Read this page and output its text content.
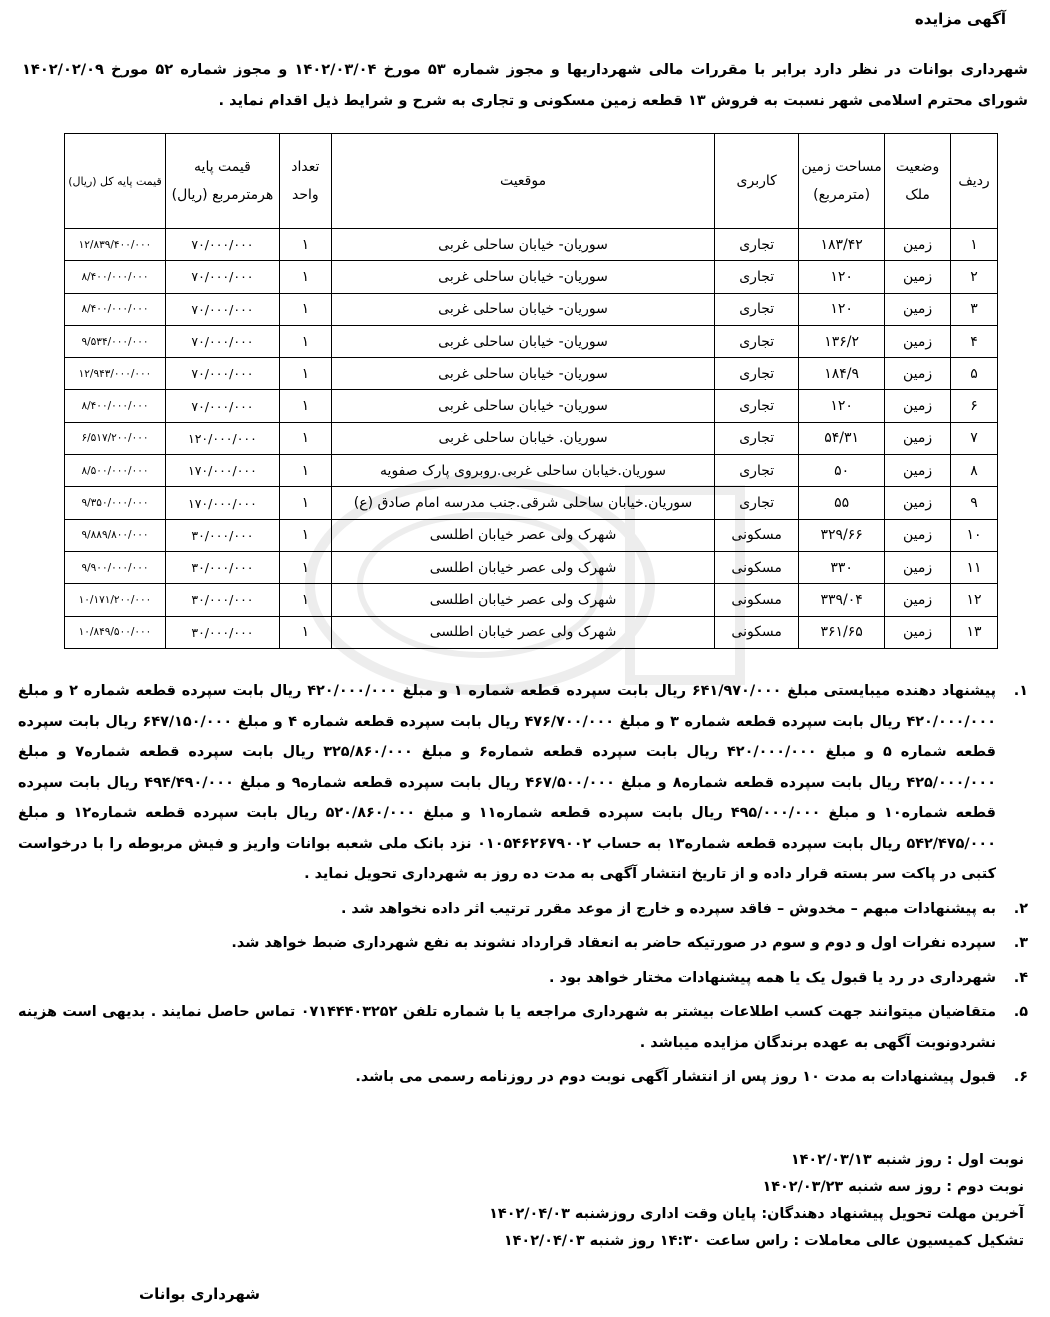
آگهی مزایده
شهرداری بوانات در نظر دارد برابر با مقررات مالی شهرداریها و مجوز شماره ۵۳ مورخ ۱۴۰۲/۰۳/۰۴ و مجوز شماره ۵۲ مورخ ۱۴۰۲/۰۲/۰۹ شورای محترم اسلامی شهر نسبت به فروش ۱۳ قطعه زمین مسکونی و تجاری به شرح و شرایط ذیل اقدام نماید .
ردیف	وضعیت ملک	مساحت زمین (مترمربع)	کاربری	موقعیت	تعداد واحد	قیمت پایه هرمترمربع (ریال)	قیمت پایه کل (ریال)
۱	زمین	۱۸۳/۴۲	تجاری	سوریان- خیابان ساحلی غربی	۱	۷۰/۰۰۰/۰۰۰	۱۲/۸۳۹/۴۰۰/۰۰۰
۲	زمین	۱۲۰	تجاری	سوریان- خیابان ساحلی غربی	۱	۷۰/۰۰۰/۰۰۰	۸/۴۰۰/۰۰۰/۰۰۰
۳	زمین	۱۲۰	تجاری	سوریان- خیابان ساحلی غربی	۱	۷۰/۰۰۰/۰۰۰	۸/۴۰۰/۰۰۰/۰۰۰
۴	زمین	۱۳۶/۲	تجاری	سوریان- خیابان ساحلی غربی	۱	۷۰/۰۰۰/۰۰۰	۹/۵۳۴/۰۰۰/۰۰۰
۵	زمین	۱۸۴/۹	تجاری	سوریان- خیابان ساحلی غربی	۱	۷۰/۰۰۰/۰۰۰	۱۲/۹۴۳/۰۰۰/۰۰۰
۶	زمین	۱۲۰	تجاری	سوریان- خیابان ساحلی غربی	۱	۷۰/۰۰۰/۰۰۰	۸/۴۰۰/۰۰۰/۰۰۰
۷	زمین	۵۴/۳۱	تجاری	سوریان. خیابان ساحلی غربی	۱	۱۲۰/۰۰۰/۰۰۰	۶/۵۱۷/۲۰۰/۰۰۰
۸	زمین	۵۰	تجاری	سوریان.خیابان ساحلی غربی.روبروی پارک صفویه	۱	۱۷۰/۰۰۰/۰۰۰	۸/۵۰۰/۰۰۰/۰۰۰
۹	زمین	۵۵	تجاری	سوریان.خیابان ساحلی شرقی.جنب مدرسه امام صادق (ع)	۱	۱۷۰/۰۰۰/۰۰۰	۹/۳۵۰/۰۰۰/۰۰۰
۱۰	زمین	۳۲۹/۶۶	مسکونی	شهرک ولی عصر خیابان اطلسی	۱	۳۰/۰۰۰/۰۰۰	۹/۸۸۹/۸۰۰/۰۰۰
۱۱	زمین	۳۳۰	مسکونی	شهرک ولی عصر خیابان اطلسی	۱	۳۰/۰۰۰/۰۰۰	۹/۹۰۰/۰۰۰/۰۰۰
۱۲	زمین	۳۳۹/۰۴	مسکونی	شهرک ولی عصر خیابان اطلسی	۱	۳۰/۰۰۰/۰۰۰	۱۰/۱۷۱/۲۰۰/۰۰۰
۱۳	زمین	۳۶۱/۶۵	مسکونی	شهرک ولی عصر خیابان اطلسی	۱	۳۰/۰۰۰/۰۰۰	۱۰/۸۴۹/۵۰۰/۰۰۰
۱.
پیشنهاد دهنده میبایستی مبلغ ۶۴۱/۹۷۰/۰۰۰ ریال بابت سپرده قطعه شماره ۱ و مبلغ ۴۲۰/۰۰۰/۰۰۰ ریال بابت سپرده قطعه شماره ۲ و مبلغ ۴۲۰/۰۰۰/۰۰۰ ریال بابت سپرده قطعه شماره ۳ و مبلغ ۴۷۶/۷۰۰/۰۰۰ ریال بابت سپرده قطعه شماره ۴ و مبلغ ۶۴۷/۱۵۰/۰۰۰ ریال بابت سپرده قطعه شماره ۵ و مبلغ ۴۲۰/۰۰۰/۰۰۰ ریال بابت سپرده قطعه شماره۶ و مبلغ ۳۲۵/۸۶۰/۰۰۰ ریال بابت سپرده قطعه شماره۷ و مبلغ ۴۲۵/۰۰۰/۰۰۰ ریال بابت سپرده قطعه شماره۸ و مبلغ ۴۶۷/۵۰۰/۰۰۰ ریال بابت سپرده قطعه شماره۹ و مبلغ ۴۹۴/۴۹۰/۰۰۰ ریال بابت سپرده قطعه شماره۱۰ و مبلغ ۴۹۵/۰۰۰/۰۰۰ ریال بابت سپرده قطعه شماره۱۱ و مبلغ ۵۲۰/۸۶۰/۰۰۰ ریال بابت سپرده قطعه شماره۱۲ و مبلغ ۵۴۲/۴۷۵/۰۰۰ ریال بابت سپرده قطعه شماره۱۳ به حساب ۰۱۰۵۴۶۲۶۷۹۰۰۲ نزد بانک ملی شعبه بوانات واریز و فیش مربوطه را با درخواست کتبی در پاکت سر بسته قرار داده و از تاریخ انتشار آگهی به مدت ده روز به شهرداری تحویل نماید .
۲.
به پیشنهادات مبهم – مخدوش – فاقد سپرده و خارج از موعد مقرر ترتیب اثر داده نخواهد شد .
۳.
سپرده نفرات اول و دوم و سوم در صورتیکه حاضر به انعقاد قرارداد نشوند به نفع شهرداری ضبط خواهد شد.
۴.
شهرداری در رد یا قبول یک یا همه پیشنهادات مختار خواهد بود .
۵.
متقاضیان میتوانند جهت کسب اطلاعات بیشتر به شهرداری مراجعه یا با شماره تلفن ۰۷۱۴۴۴۰۳۲۵۲ تماس حاصل نمایند . بدیهی است هزینه نشردونوبت آگهی به عهده برندگان مزایده میباشد .
۶.
قبول پیشنهادات به مدت ۱۰ روز پس از انتشار آگهی نوبت دوم در روزنامه رسمی می باشد.
نوبت اول : روز شنبه ۱۴۰۲/۰۳/۱۳
نوبت دوم : روز سه شنبه ۱۴۰۲/۰۳/۲۳
آخرین مهلت تحویل پیشنهاد دهندگان: پایان وقت اداری روزشنبه ۱۴۰۲/۰۴/۰۳
تشکیل کمیسیون عالی معاملات : راس ساعت ۱۴:۳۰ روز شنبه ۱۴۰۲/۰۴/۰۳
شهرداری بوانات
